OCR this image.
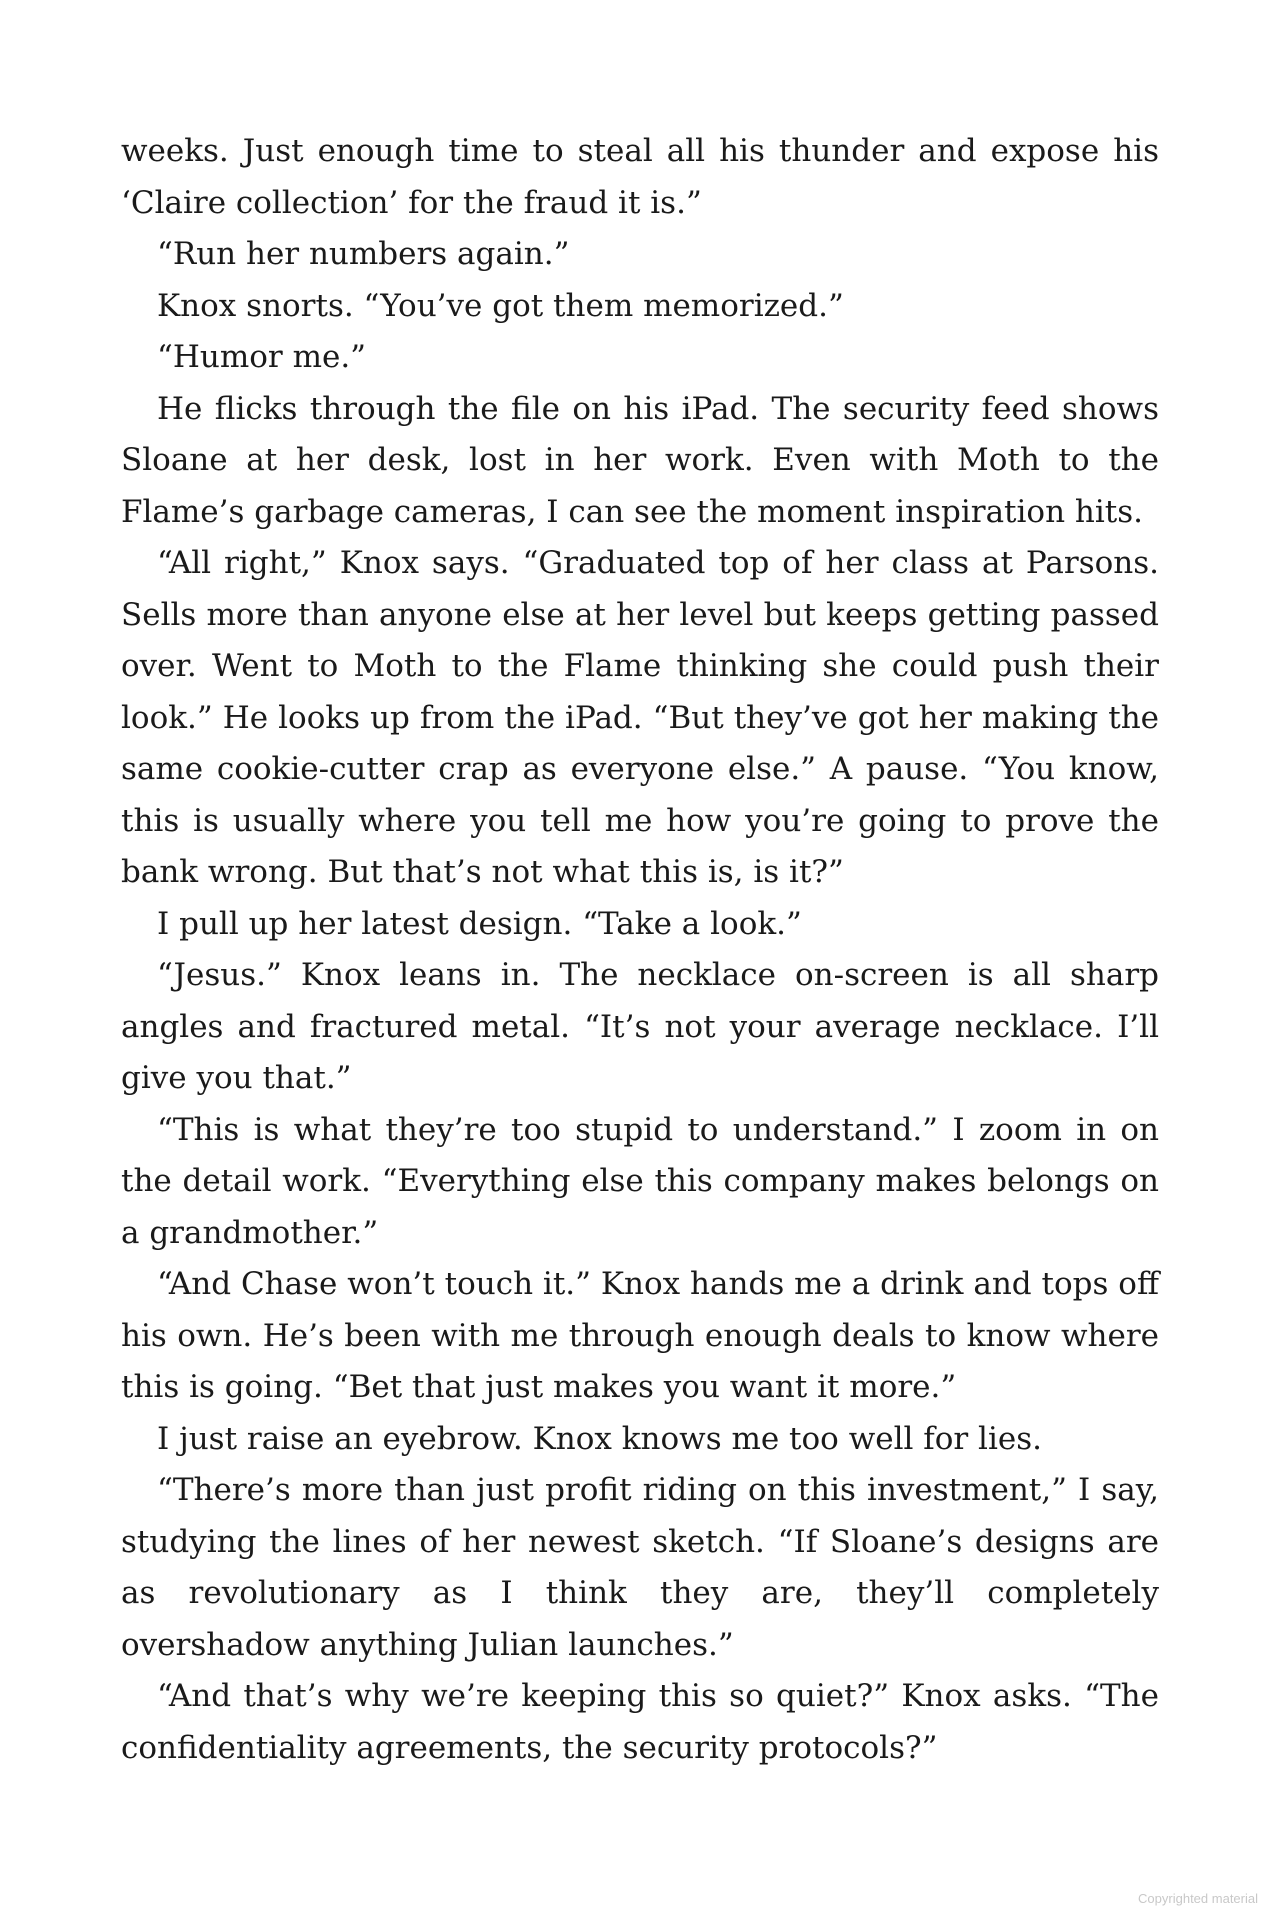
weeks. Just enough time to steal all his thunder and expose his ‘Claire collection’ for the fraud it is.”

“Run her numbers again.”

Knox snorts. “You’ve got them memorized.”

“Humor me.”

He flicks through the file on his iPad. The security feed shows Sloane at her desk, lost in her work. Even with Moth to the Flame’s garbage cameras, I can see the moment inspiration hits.

“All right,” Knox says. “Graduated top of her class at Parsons. Sells more than anyone else at her level but keeps getting passed over. Went to Moth to the Flame thinking she could push their look.” He looks up from the iPad. “But they’ve got her making the same cookie-cutter crap as everyone else.” A pause. “You know, this is usually where you tell me how you’re going to prove the bank wrong. But that’s not what this is, is it?”

I pull up her latest design. “Take a look.”

“Jesus.” Knox leans in. The necklace on-screen is all sharp angles and fractured metal. “It’s not your average necklace. I’ll give you that.”

“This is what they’re too stupid to understand.” I zoom in on the detail work. “Everything else this company makes belongs on a grandmother.”

“And Chase won’t touch it.” Knox hands me a drink and tops off his own. He’s been with me through enough deals to know where this is going. “Bet that just makes you want it more.”

I just raise an eyebrow. Knox knows me too well for lies.

“There’s more than just profit riding on this investment,” I say, studying the lines of her newest sketch. “If Sloane’s designs are as revolutionary as I think they are, they’ll completely overshadow anything Julian launches.”

“And that’s why we’re keeping this so quiet?” Knox asks. “The confidentiality agreements, the security protocols?”

Copyrighted material
